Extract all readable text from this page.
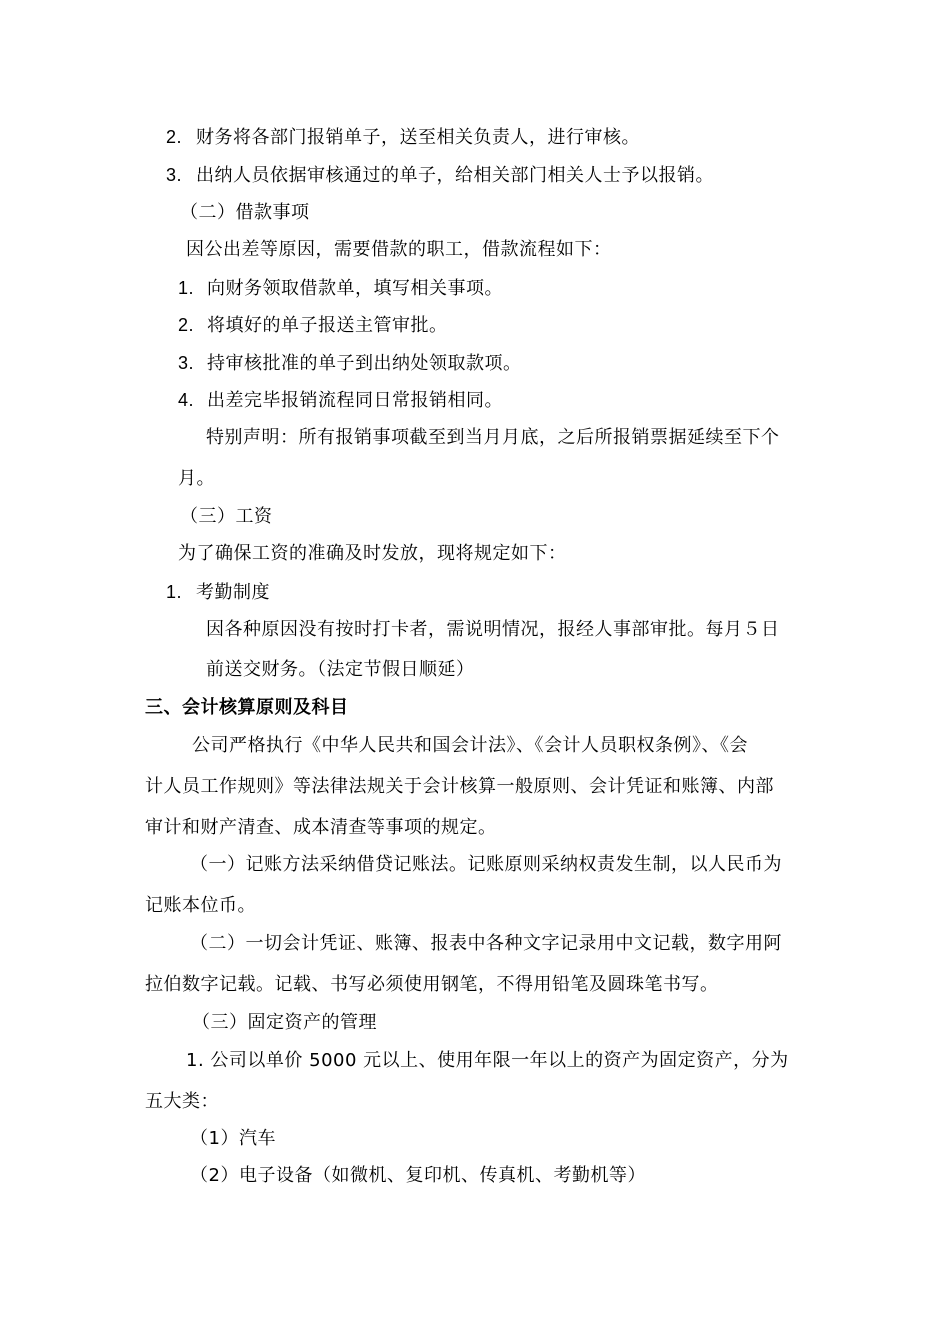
2. 财务将各部门报销单子，送至相关负责人，进行审核。
3. 出纳人员依据审核通过的单子，给相关部门相关人士予以报销。
（二）借款事项
因公出差等原因，需要借款的职工，借款流程如下：
1. 向财务领取借款单，填写相关事项。
2. 将填好的单子报送主管审批。
3. 持审核批准的单子到出纳处领取款项。
4. 出差完毕报销流程同日常报销相同。
特别声明：所有报销事项截至到当月月底，之后所报销票据延续至下个
月。
（三）工资
为了确保工资的准确及时发放，现将规定如下：
1. 考勤制度
因各种原因没有按时打卡者，需说明情况，报经人事部审批。每月５日
前送交财务。（法定节假日顺延）
三、会计核算原则及科目
公司严格执行《中华人民共和国会计法》、《会计人员职权条例》、《会
计人员工作规则》等法律法规关于会计核算一般原则、会计凭证和账簿、内部
审计和财产清查、成本清查等事项的规定。
（一）记账方法采纳借贷记账法。记账原则采纳权责发生制，以人民币为
记账本位币。
（二）一切会计凭证、账簿、报表中各种文字记录用中文记载，数字用阿
拉伯数字记载。记载、书写必须使用钢笔，不得用铅笔及圆珠笔书写。
（三）固定资产的管理
1. 公司以单价 5000 元以上、使用年限一年以上的资产为固定资产，分为
五大类：
（1）汽车
（2）电子设备（如微机、复印机、传真机、考勤机等）
